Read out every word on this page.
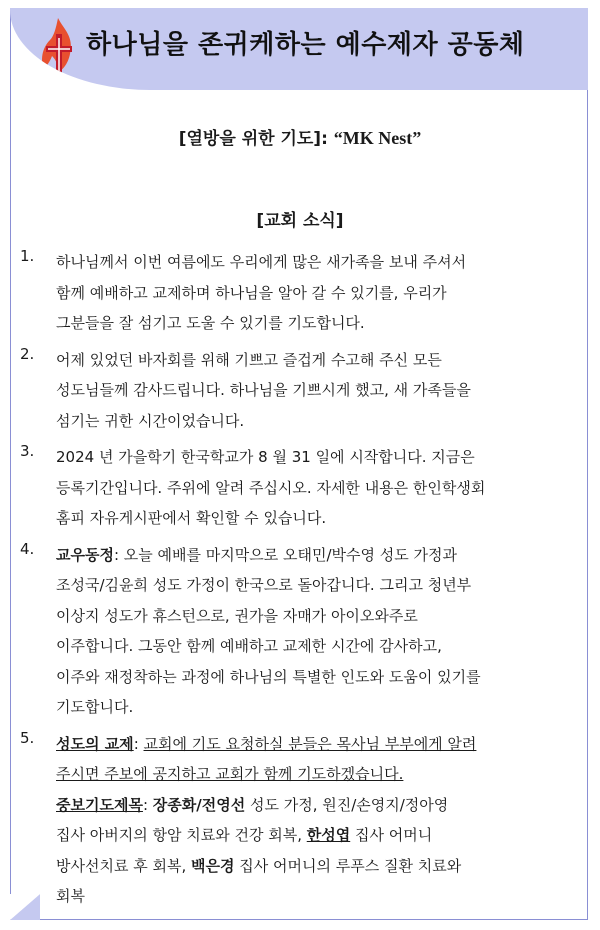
하나님을 존귀케하는 예수제자 공동체
[열방을 위한 기도]: “MK Nest”
[교회 소식]
1. 하나님께서 이번 여름에도 우리에게 많은 새가족을 보내 주셔서
함께 예배하고 교제하며 하나님을 알아 갈 수 있기를, 우리가
그분들을 잘 섬기고 도울 수 있기를 기도합니다.
2. 어제 있었던 바자회를 위해 기쁘고 즐겁게 수고해 주신 모든
성도님들께 감사드립니다. 하나님을 기쁘시게 했고, 새 가족들을
섬기는 귀한 시간이었습니다.
3. 2024 년 가을학기 한국학교가 8 월 31 일에 시작합니다. 지금은
등록기간입니다. 주위에 알려 주십시오. 자세한 내용은 한인학생회
홈피 자유게시판에서 확인할 수 있습니다.
4. 교우동정: 오늘 예배를 마지막으로 오태민/박수영 성도 가정과
조성국/김윤희 성도 가정이 한국으로 돌아갑니다. 그리고 청년부
이상지 성도가 휴스턴으로, 권가을 자매가 아이오와주로
이주합니다. 그동안 함께 예배하고 교제한 시간에 감사하고,
이주와 재정착하는 과정에 하나님의 특별한 인도와 도움이 있기를
기도합니다.
5. 성도의 교제: 교회에 기도 요청하실 분들은 목사님 부부에게 알려
주시면 주보에 공지하고 교회가 함께 기도하겠습니다.
중보기도제목: 장종화/전영선 성도 가정, 원진/손영지/정아영
집사 아버지의 항암 치료와 건강 회복, 한성엽 집사 어머니
방사선치료 후 회복, 백은경 집사 어머니의 루푸스 질환 치료와
회복
